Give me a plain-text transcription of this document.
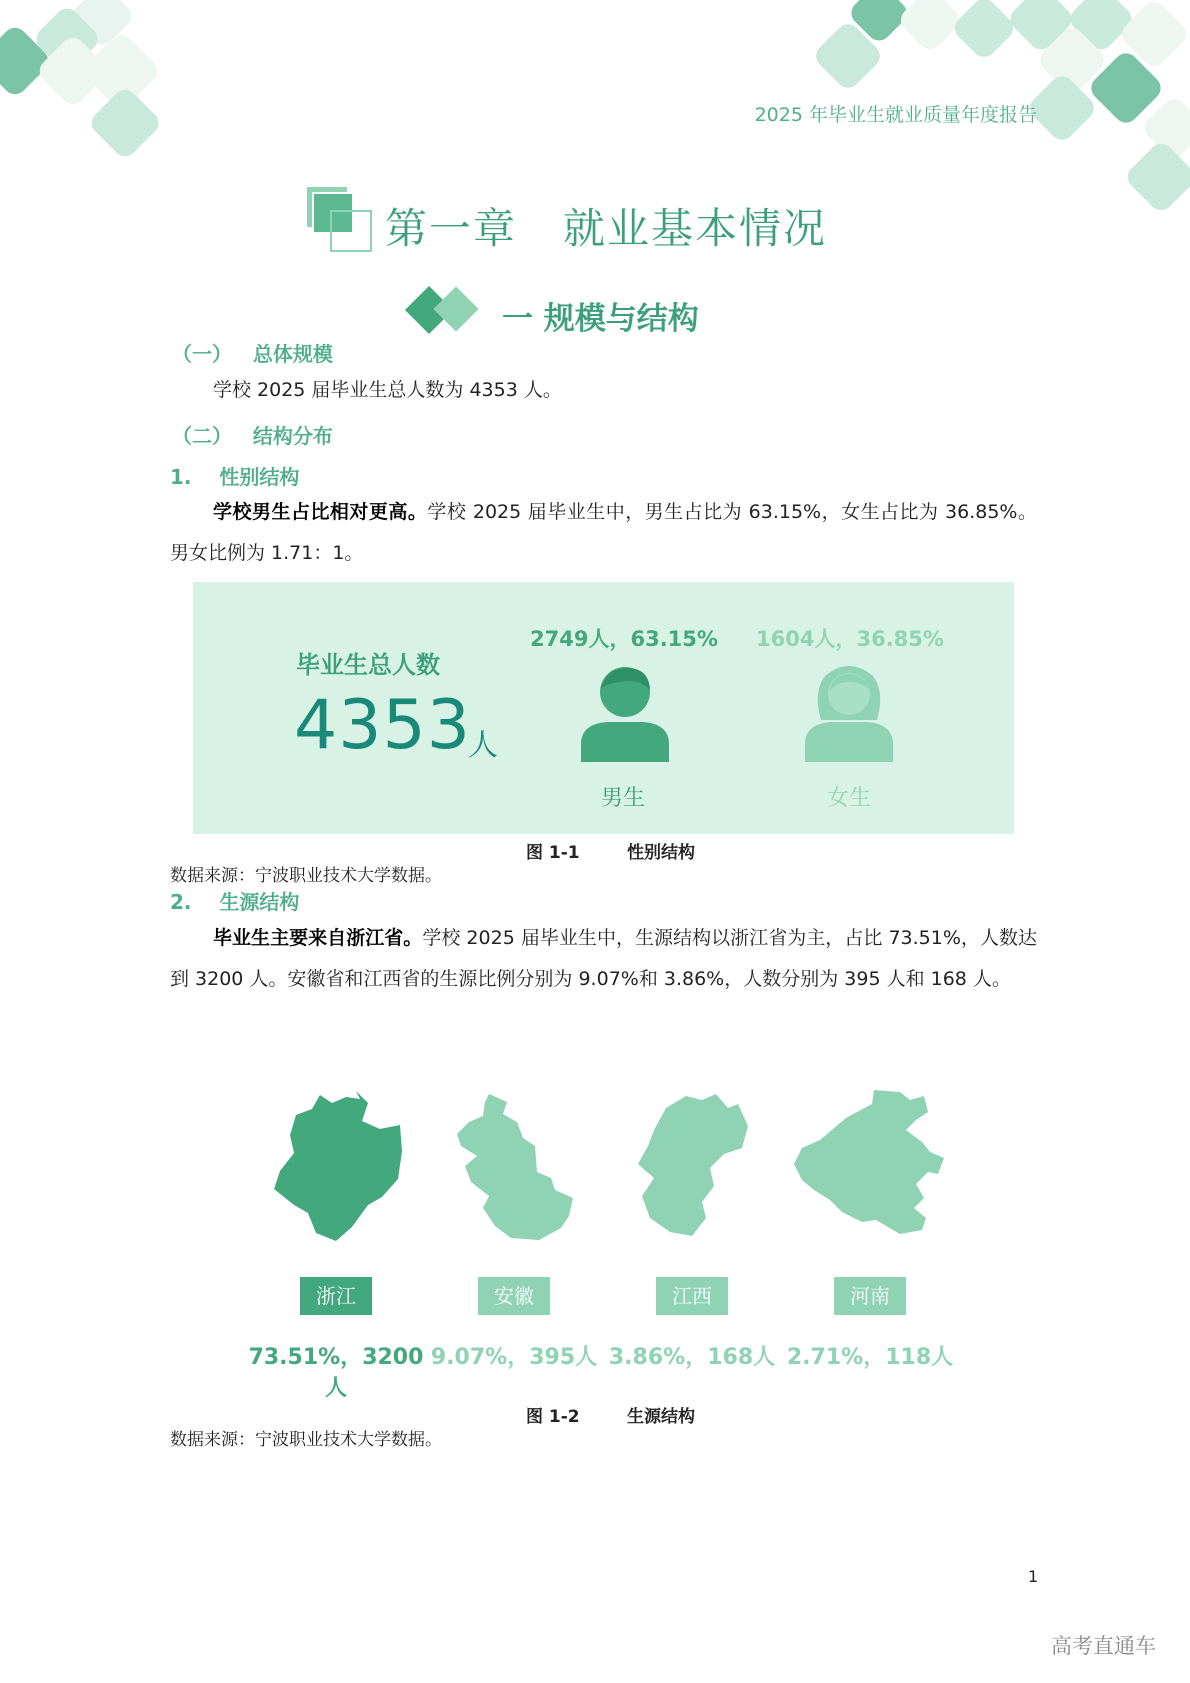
2025 年毕业生就业质量年度报告
第一章   就业基本情况
一 规模与结构
（一）   总体规模
学校 2025 届毕业生总人数为 4353 人。
（二）   结构分布
1.    性别结构
学校男生占比相对更高。学校 2025 届毕业生中，男生占比为 63.15%，女生占比为 36.85%。男女比例为 1.71：1。
毕业生总人数
4353
人
2749人，63.15%
男生
1604人，36.85%
女生
图 1-1        性别结构
数据来源：宁波职业技术大学数据。
2.    生源结构
毕业生主要来自浙江省。学校 2025 届毕业生中，生源结构以浙江省为主，占比 73.51%，人数达到 3200 人。安徽省和江西省的生源比例分别为 9.07%和 3.86%，人数分别为 395 人和 168 人。
浙江	安徽	江西	河南
73.51%，3200人
9.07%，395人 3.86%，168人 2.71%，118人
图 1-2        生源结构
数据来源：宁波职业技术大学数据。
1
高考直通车
